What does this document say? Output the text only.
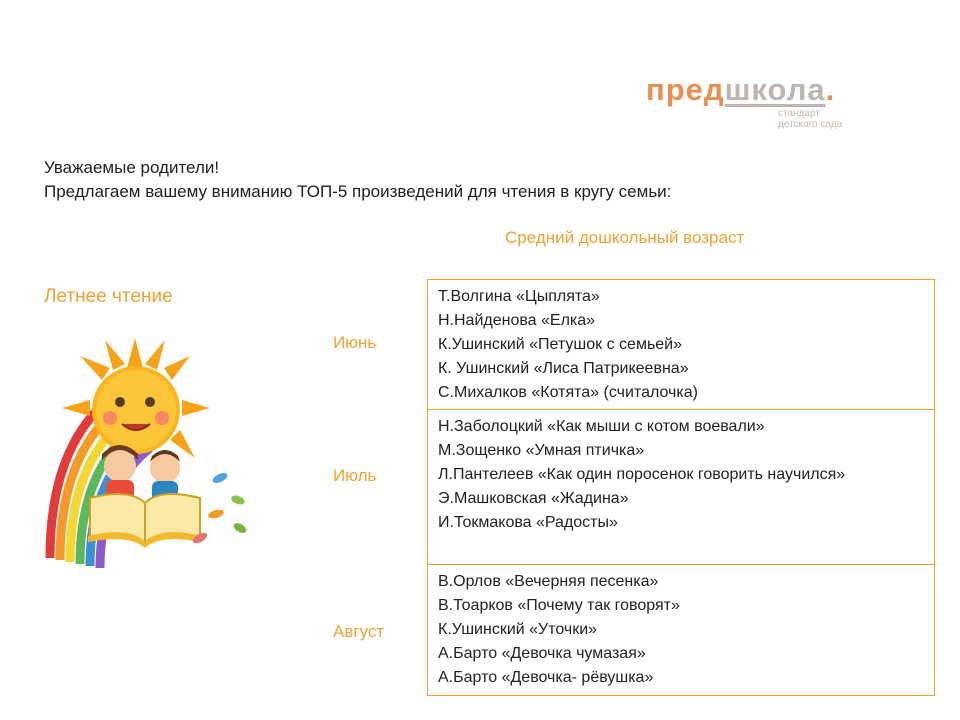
предшкола.
стандарт
детского сада
Уважаемые родители!
Предлагаем вашему вниманию ТОП-5 произведений для чтения в кругу семьи:
Средний дошкольный возраст
Летнее чтение
Июнь
Июль
Август
Т.Волгина «Цыплята»
Н.Найденова «Елка»
К.Ушинский «Петушок с семьей»
К. Ушинский «Лиса Патрикеевна»
С.Михалков «Котята» (считалочка)
Н.Заболоцкий «Как мыши с котом воевали»
М.Зощенко «Умная птичка»
Л.Пантелеев «Как один поросенок говорить научился»
Э.Машковская «Жадина»
И.Токмакова «Радосты»
В.Орлов «Вечерняя песенка»
В.Тоарков «Почему так говорят»
К.Ушинский «Уточки»
А.Барто «Девочка чумазая»
А.Барто «Девочка- рёвушка»
